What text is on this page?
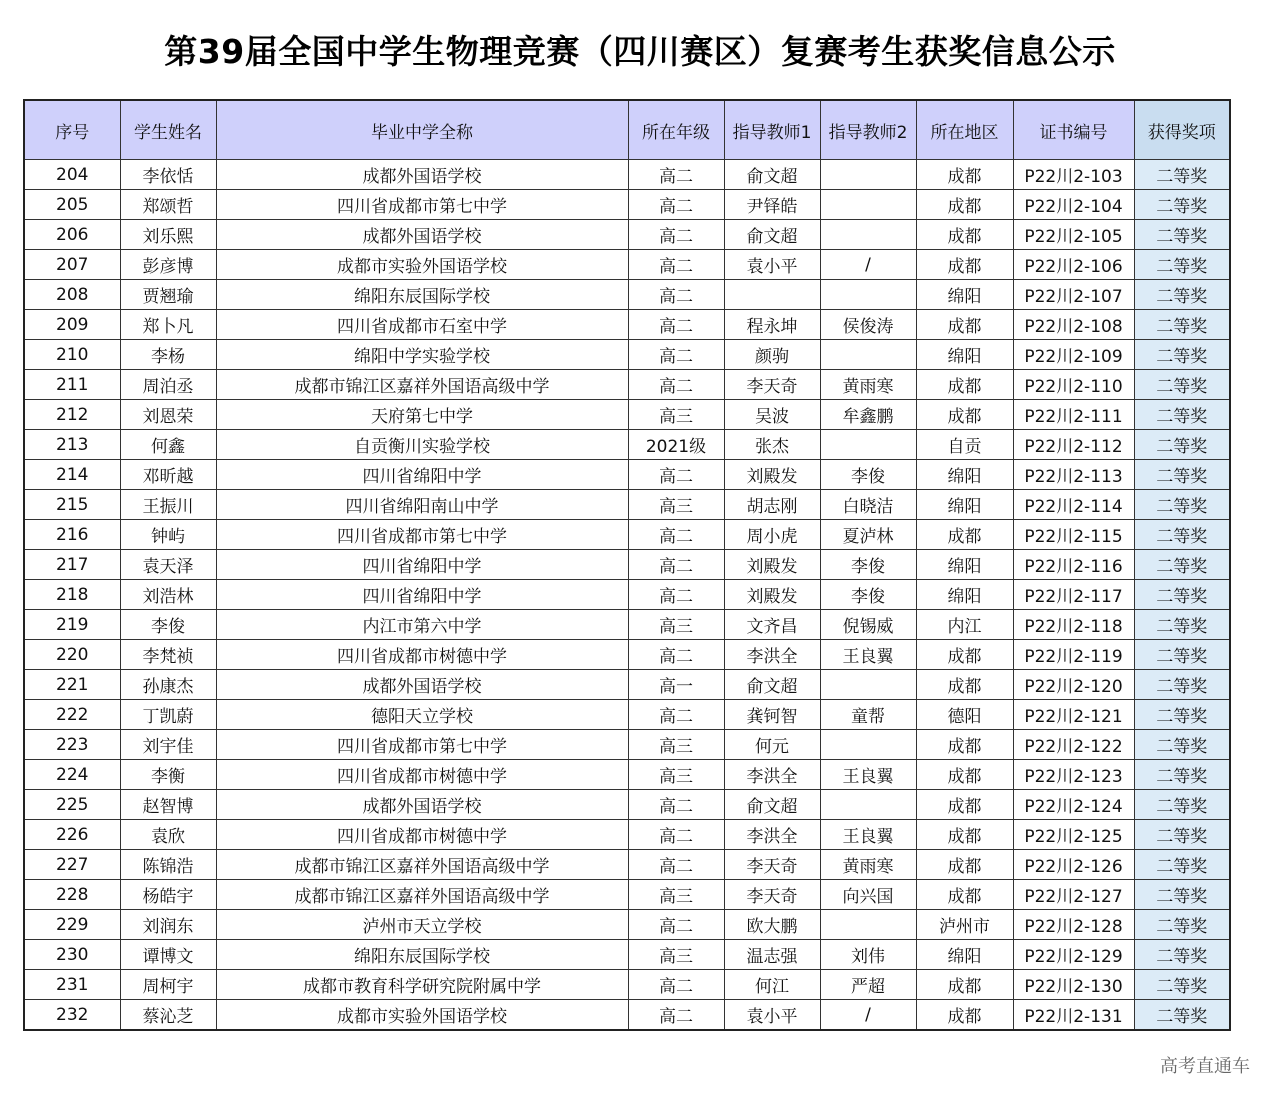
第39届全国中学生物理竞赛（四川赛区）复赛考生获奖信息公示
序号	学生姓名	毕业中学全称	所在年级	指导教师1	指导教师2	所在地区	证书编号	获得奖项
204	李依恬	成都外国语学校	高二	俞文超		成都	P22川2-103	二等奖
205	郑颂哲	四川省成都市第七中学	高二	尹铎皓		成都	P22川2-104	二等奖
206	刘乐熙	成都外国语学校	高二	俞文超		成都	P22川2-105	二等奖
207	彭彦博	成都市实验外国语学校	高二	袁小平	/	成都	P22川2-106	二等奖
208	贾翘瑜	绵阳东辰国际学校	高二			绵阳	P22川2-107	二等奖
209	郑卜凡	四川省成都市石室中学	高二	程永坤	侯俊涛	成都	P22川2-108	二等奖
210	李杨	绵阳中学实验学校	高二	颜驹		绵阳	P22川2-109	二等奖
211	周泊丞	成都市锦江区嘉祥外国语高级中学	高二	李天奇	黄雨寒	成都	P22川2-110	二等奖
212	刘恩荣	天府第七中学	高三	吴波	牟鑫鹏	成都	P22川2-111	二等奖
213	何鑫	自贡衡川实验学校	2021级	张杰		自贡	P22川2-112	二等奖
214	邓昕越	四川省绵阳中学	高二	刘殿发	李俊	绵阳	P22川2-113	二等奖
215	王振川	四川省绵阳南山中学	高三	胡志刚	白晓洁	绵阳	P22川2-114	二等奖
216	钟屿	四川省成都市第七中学	高二	周小虎	夏泸林	成都	P22川2-115	二等奖
217	袁天泽	四川省绵阳中学	高二	刘殿发	李俊	绵阳	P22川2-116	二等奖
218	刘浩林	四川省绵阳中学	高二	刘殿发	李俊	绵阳	P22川2-117	二等奖
219	李俊	内江市第六中学	高三	文齐昌	倪锡威	内江	P22川2-118	二等奖
220	李梵祯	四川省成都市树德中学	高二	李洪全	王良翼	成都	P22川2-119	二等奖
221	孙康杰	成都外国语学校	高一	俞文超		成都	P22川2-120	二等奖
222	丁凯蔚	德阳天立学校	高二	龚钶智	童帮	德阳	P22川2-121	二等奖
223	刘宇佳	四川省成都市第七中学	高三	何元		成都	P22川2-122	二等奖
224	李衡	四川省成都市树德中学	高三	李洪全	王良翼	成都	P22川2-123	二等奖
225	赵智博	成都外国语学校	高二	俞文超		成都	P22川2-124	二等奖
226	袁欣	四川省成都市树德中学	高二	李洪全	王良翼	成都	P22川2-125	二等奖
227	陈锦浩	成都市锦江区嘉祥外国语高级中学	高二	李天奇	黄雨寒	成都	P22川2-126	二等奖
228	杨皓宇	成都市锦江区嘉祥外国语高级中学	高三	李天奇	向兴国	成都	P22川2-127	二等奖
229	刘润东	泸州市天立学校	高二	欧大鹏		泸州市	P22川2-128	二等奖
230	谭博文	绵阳东辰国际学校	高三	温志强	刘伟	绵阳	P22川2-129	二等奖
231	周柯宇	成都市教育科学研究院附属中学	高二	何江	严超	成都	P22川2-130	二等奖
232	蔡沁芝	成都市实验外国语学校	高二	袁小平	/	成都	P22川2-131	二等奖
高考直通车
